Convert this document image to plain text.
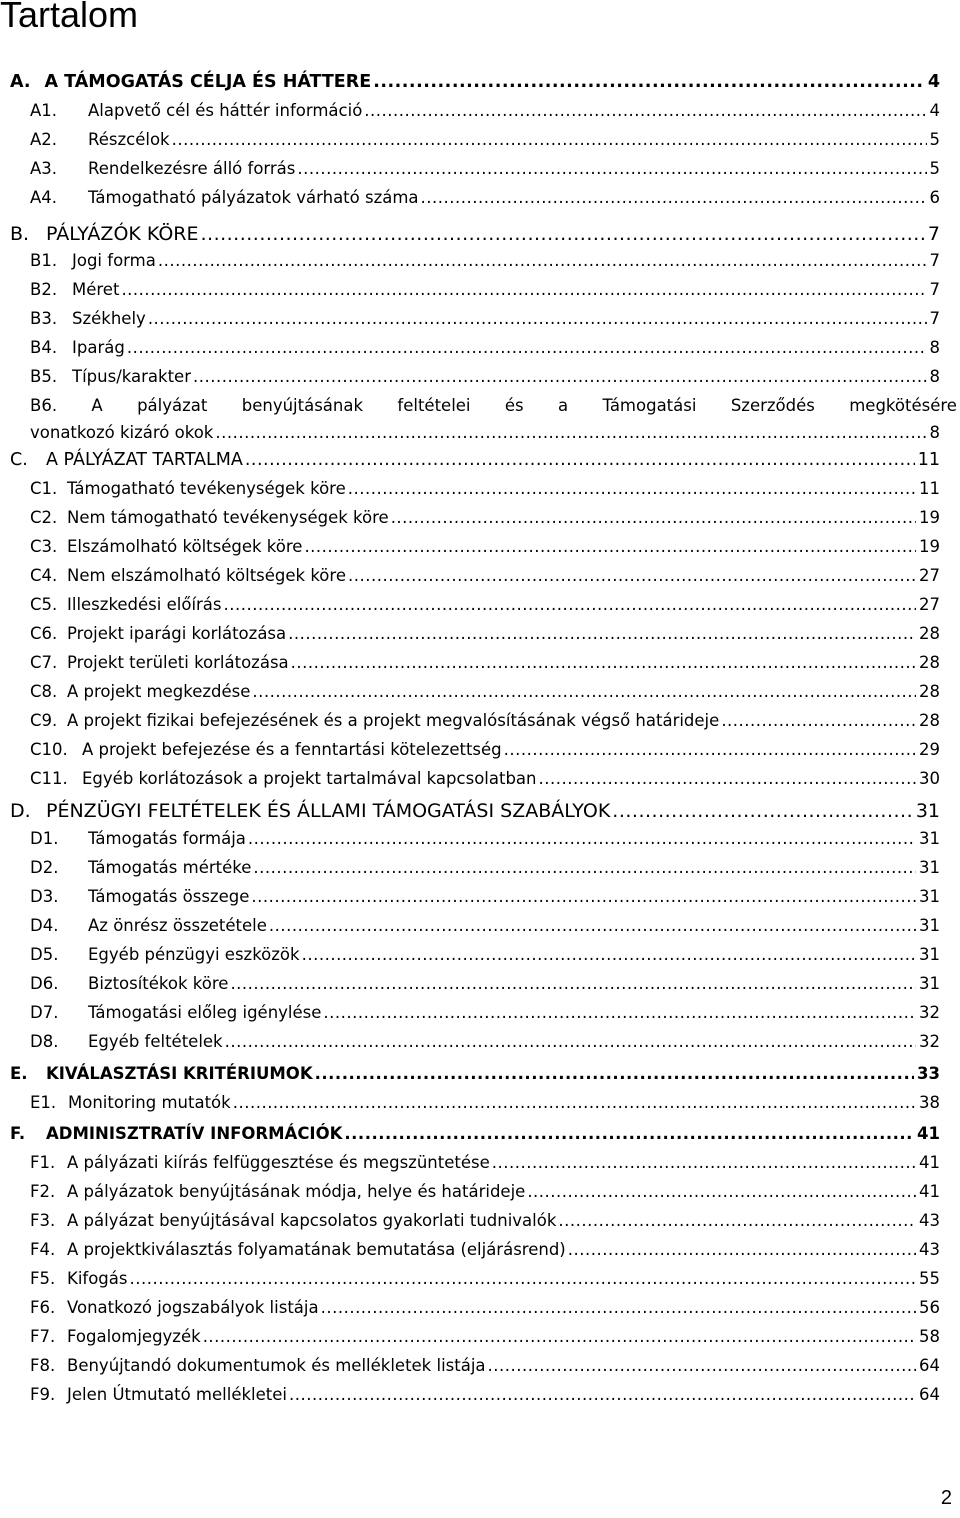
Tartalom
A. A TÁMOGATÁS CÉLJA ÉS HÁTTERE .....	4
A1.	Alapvető cél és háttér információ .....	4
A2.	Részcélok .....	5
A3.	Rendelkezésre álló forrás .....	5
A4.	Támogatható pályázatok várható száma .....	6
B. PÁLYÁZÓK KÖRE .....	7
B1. Jogi forma .....	7
B2. Méret .....	7
B3. Székhely .....	7
B4. Iparág .....	8
B5. Típus/karakter .....	8
B6. A pályázat benyújtásának feltételei és a Támogatási Szerződés megkötésére
vonatkozó kizáró okok .....	8
C.	A PÁLYÁZAT TARTALMA .....	11
C1. Támogatható tevékenységek köre .....	11
C2. Nem támogatható tevékenységek köre .....	19
C3. Elszámolható költségek köre .....	19
C4. Nem elszámolható költségek köre .....	27
C5. Illeszkedési előírás .....	27
C6. Projekt iparági korlátozása .....	28
C7. Projekt területi korlátozása .....	28
C8. A projekt megkezdése .....	28
C9. A projekt fizikai befejezésének és a projekt megvalósításának végső határideje .....	28
C10. A projekt befejezése és a fenntartási kötelezettség .....	29
C11. Egyéb korlátozások a projekt tartalmával kapcsolatban .....	30
D. PÉNZÜGYI FELTÉTELEK ÉS ÁLLAMI TÁMOGATÁSI SZABÁLYOK .....	31
D1.	Támogatás formája .....	31
D2.	Támogatás mértéke .....	31
D3.	Támogatás összege .....	31
D4.	Az önrész összetétele .....	31
D5.	Egyéb pénzügyi eszközök .....	31
D6.	Biztosítékok köre .....	31
D7.	Támogatási előleg igénylése .....	32
D8.	Egyéb feltételek .....	32
E.	KIVÁLASZTÁSI KRITÉRIUMOK .....	33
E1. Monitoring mutatók .....	38
F.	ADMINISZTRATÍV INFORMÁCIÓK .....	41
F1. A pályázati kiírás felfüggesztése és megszüntetése .....	41
F2. A pályázatok benyújtásának módja, helye és határideje .....	41
F3. A pályázat benyújtásával kapcsolatos gyakorlati tudnivalók .....	43
F4. A projektkiválasztás folyamatának bemutatása (eljárásrend) .....	43
F5. Kifogás .....	55
F6. Vonatkozó jogszabályok listája .....	56
F7. Fogalomjegyzék .....	58
F8. Benyújtandó dokumentumok és mellékletek listája .....	64
F9. Jelen Útmutató mellékletei .....	64
2
